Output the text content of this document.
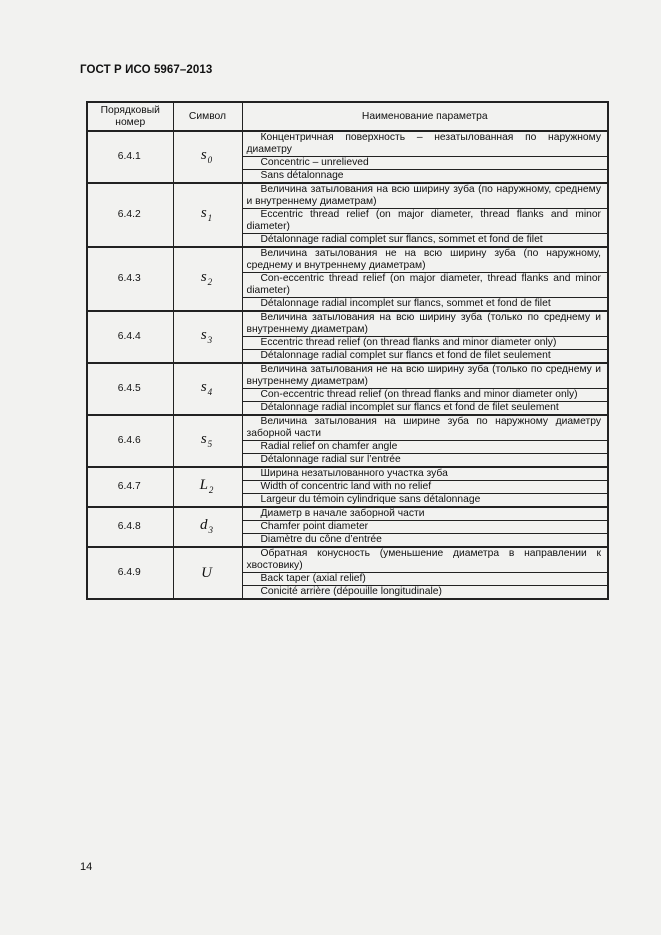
ГОСТ Р ИСО 5967–2013
Порядковый номер	Символ	Наименование параметра
6.4.1	$s_0$	Концентричная поверхность – незатылованная по наружному диаметру
		Concentric – unrelieved
		Sans détalonnage
6.4.2	$s_1$	Величина затылования на всю ширину зуба (по наружному, среднему и внутреннему диаметрам)
		Eccentric thread relief (on major diameter, thread flanks and minor diameter)
		Détalonnage radial complet sur flancs, sommet et fond de filet
6.4.3	$s_2$	Величина затылования не на всю ширину зуба (по наружному, среднему и внутреннему диаметрам)
		Con-eccentric thread relief (on major diameter, thread flanks and minor diameter)
		Détalonnage radial incomplet sur flancs, sommet et fond de filet
6.4.4	$s_3$	Величина затылования на всю ширину зуба (только по среднему и внутреннему диаметрам)
		Eccentric thread relief (on thread flanks and minor diameter only)
		Détalonnage radial complet sur flancs et fond de filet seulement
6.4.5	$s_4$	Величина затылования не на всю ширину зуба (только по среднему и внутреннему диаметрам)
		Con-eccentric thread relief (on thread flanks and minor diameter only)
		Détalonnage radial incomplet sur flancs et fond de filet seulement
6.4.6	$s_5$	Величина затылования на ширине зуба по наружному диаметру заборной части
		Radial relief on chamfer angle
		Détalonnage radial sur l’entrée
6.4.7	$L_2$	Ширина незатылованного участка зуба
		Width of concentric land with no relief
		Largeur du témoin cylindrique sans détalonnage
6.4.8	$d_3$	Диаметр в начале заборной части
		Chamfer point diameter
		Diamètre du cône d’entrée
6.4.9	U	Обратная конусность (уменьшение диаметра в направлении к хвостовику)
		Back taper (axial relief)
		Conicité arrière (dépouille longitudinale)
14
